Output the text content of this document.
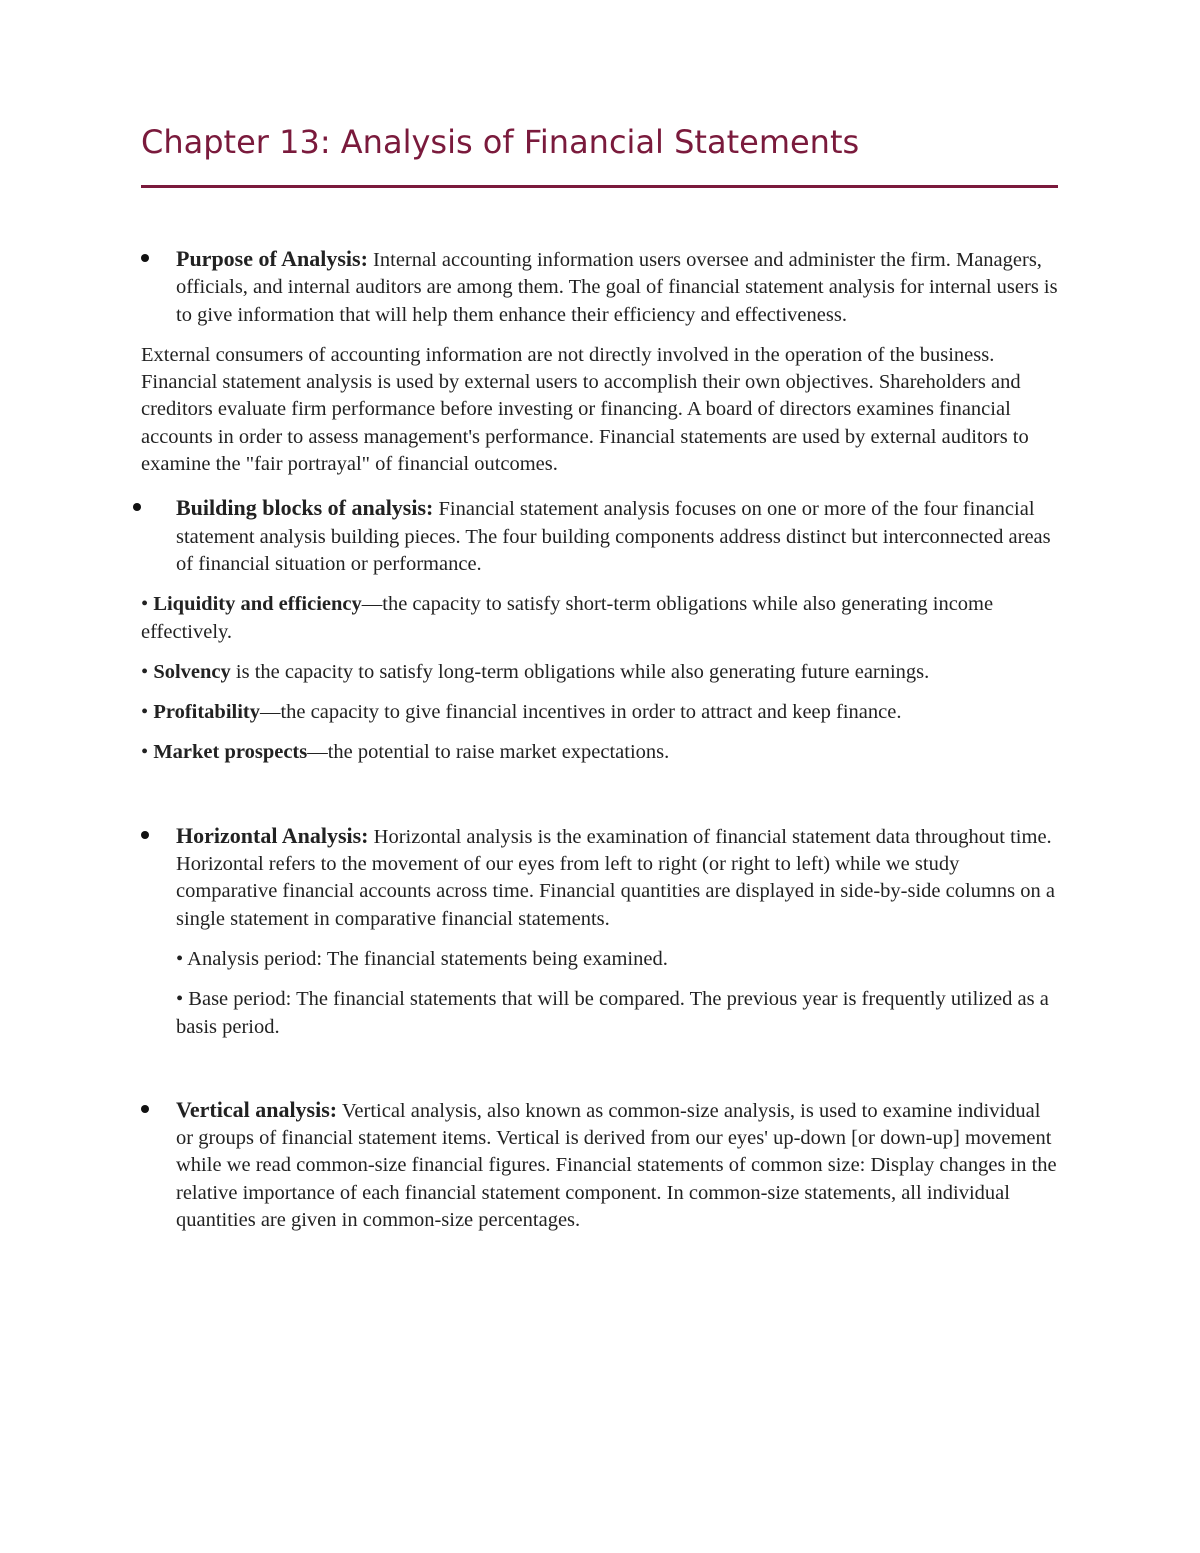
Chapter 13: Analysis of Financial Statements

Purpose of Analysis: Internal accounting information users oversee and administer the firm. Managers, officials, and internal auditors are among them. The goal of financial statement analysis for internal users is to give information that will help them enhance their efficiency and effectiveness.

External consumers of accounting information are not directly involved in the operation of the business. Financial statement analysis is used by external users to accomplish their own objectives. Shareholders and creditors evaluate firm performance before investing or financing. A board of directors examines financial accounts in order to assess management's performance. Financial statements are used by external auditors to examine the "fair portrayal" of financial outcomes.

Building blocks of analysis: Financial statement analysis focuses on one or more of the four financial statement analysis building pieces. The four building components address distinct but interconnected areas of financial situation or performance.

• Liquidity and efficiency—the capacity to satisfy short-term obligations while also generating income effectively.

• Solvency is the capacity to satisfy long-term obligations while also generating future earnings.

• Profitability—the capacity to give financial incentives in order to attract and keep finance.

• Market prospects—the potential to raise market expectations.

Horizontal Analysis: Horizontal analysis is the examination of financial statement data throughout time. Horizontal refers to the movement of our eyes from left to right (or right to left) while we study comparative financial accounts across time. Financial quantities are displayed in side-by-side columns on a single statement in comparative financial statements.

• Analysis period: The financial statements being examined.

• Base period: The financial statements that will be compared. The previous year is frequently utilized as a basis period.

Vertical analysis: Vertical analysis, also known as common-size analysis, is used to examine individual or groups of financial statement items. Vertical is derived from our eyes' up-down [or down-up] movement while we read common-size financial figures. Financial statements of common size: Display changes in the relative importance of each financial statement component. In common-size statements, all individual quantities are given in common-size percentages.
